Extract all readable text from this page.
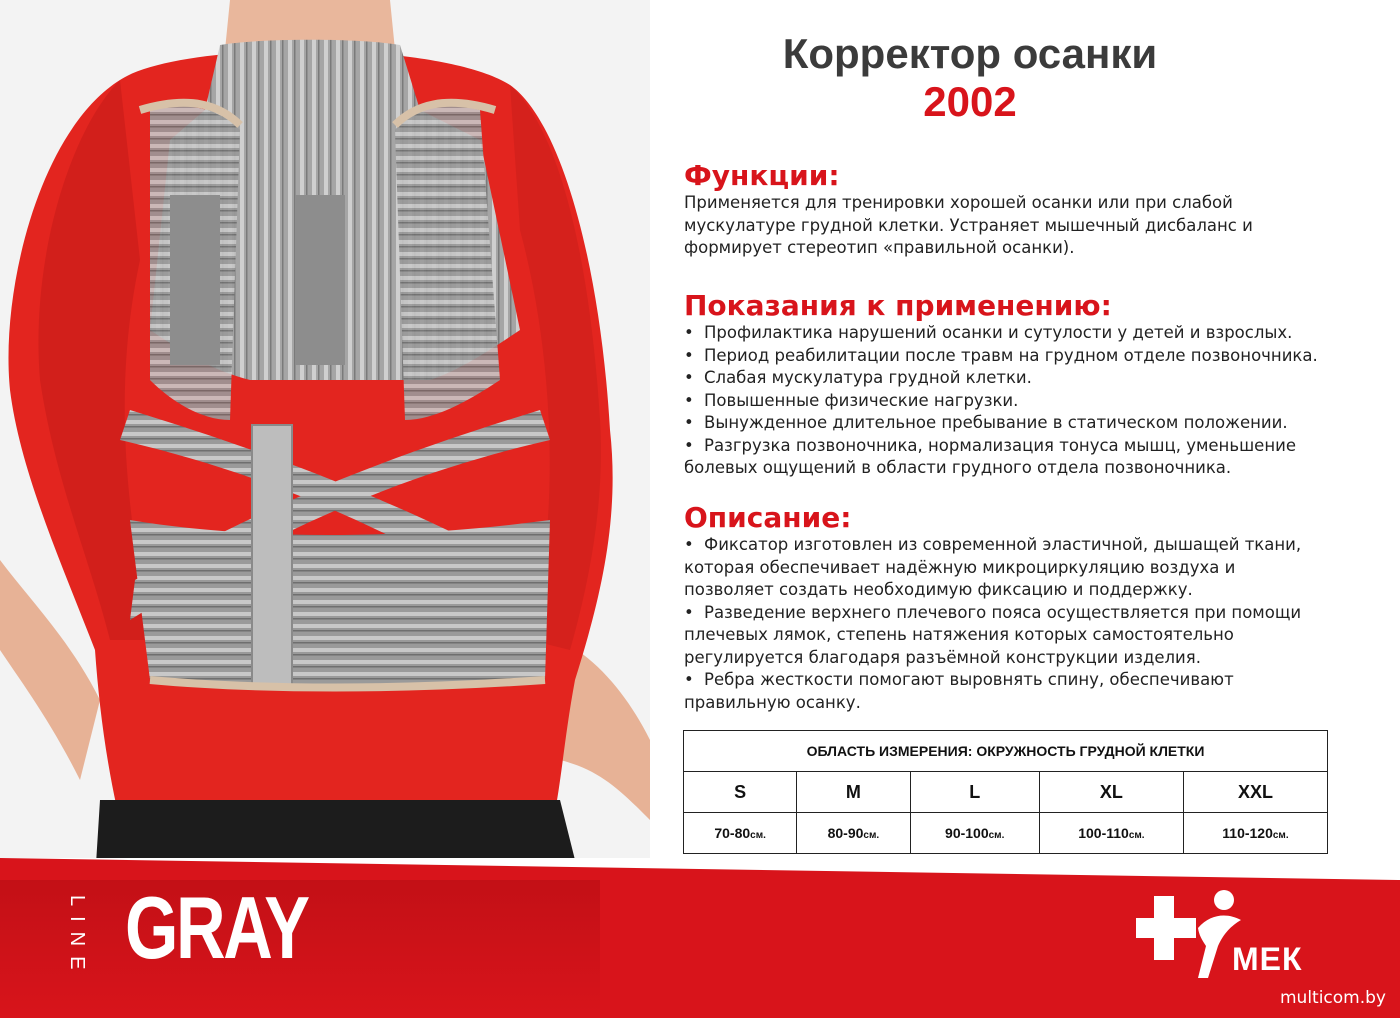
Корректор осанки
2002
Функции:

Применяется для тренировки хорошей осанки или при слабой мускулатуре грудной клетки. Устраняет мышечный дисбаланс и формирует стереотип «правильной осанки).

Показания к применению:
• Профилактика нарушений осанки и сутулости у детей и взрослых.
• Период реабилитации после травм на грудном отделе позвоночника.
• Слабая мускулатура грудной клетки.
• Повышенные физические нагрузки.
• Вынужденное длительное пребывание в статическом положении.
• Разгрузка позвоночника, нормализация тонуса мышц, уменьшение болевых ощущений в области грудного отдела позвоночника.
Описание:
• Фиксатор изготовлен из современной эластичной, дышащей ткани, которая обеспечивает надёжную микроциркуляцию воздуха и позволяет создать необходимую фиксацию и поддержку.
• Разведение верхнего плечевого пояса осуществляется при помощи плечевых лямок, степень натяжения которых самостоятельно регулируется благодаря разъёмной конструкции изделия.
• Ребра жесткости помогают выровнять спину, обеспечивают правильную осанку.
ОБЛАСТЬ ИЗМЕРЕНИЯ: ОКРУЖНОСТЬ ГРУДНОЙ КЛЕТКИ				
S	M	L	XL	XXL
70-80см.	80-90см.	90-100см.	100-110см.	110-120см.
LINE GRAY	МЕК
multicom.by
